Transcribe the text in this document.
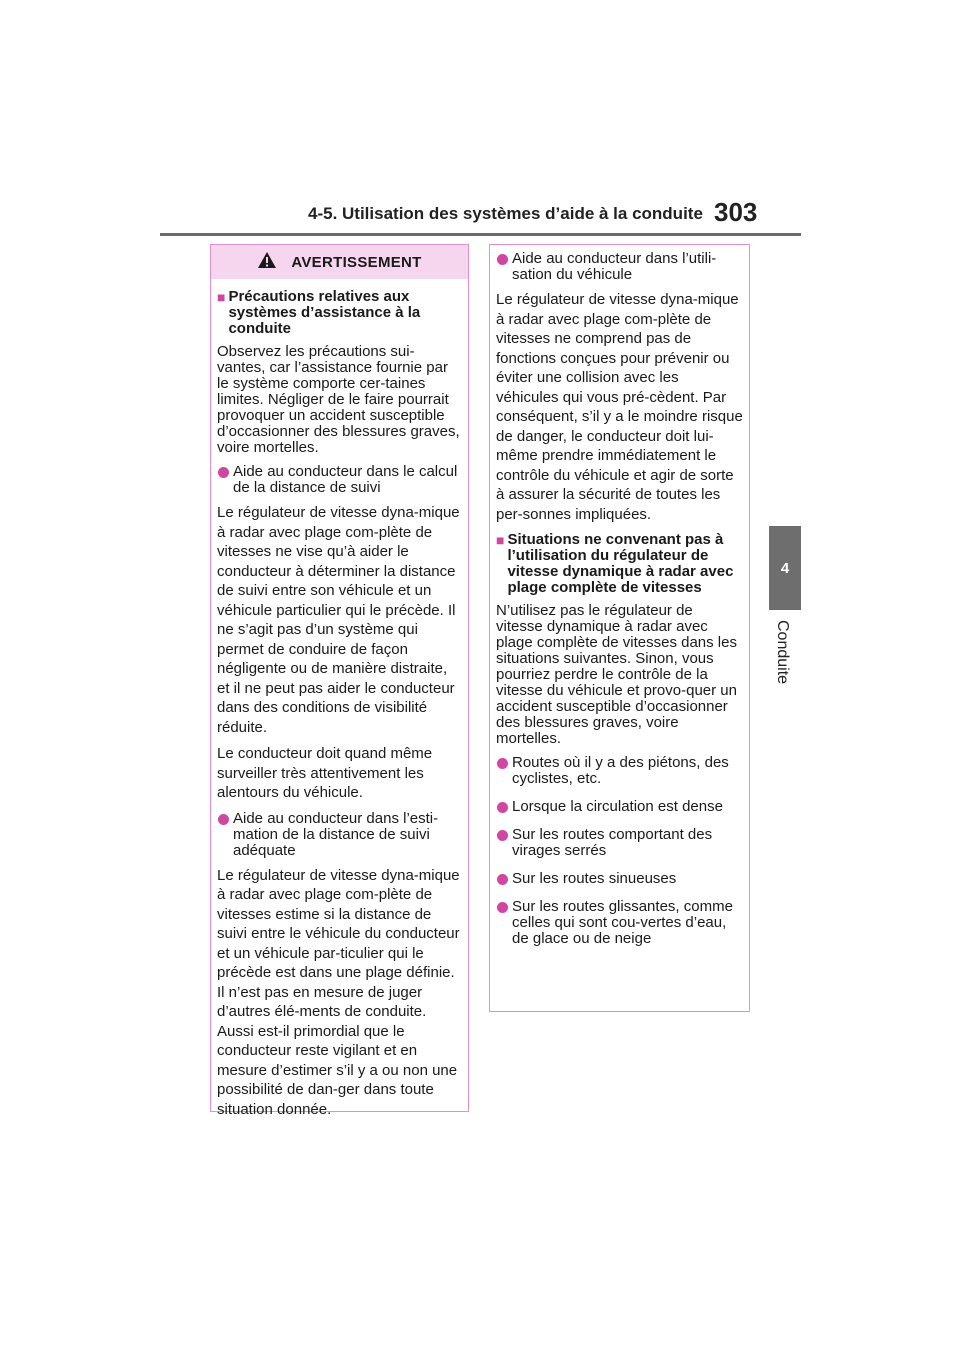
4-5. Utilisation des systèmes d’aide à la conduite 303
4
Conduite
AVERTISSEMENT
■ Précautions relatives aux systèmes d’assistance à la conduite

Observez les précautions sui-vantes, car l’assistance fournie par le système comporte cer-taines limites. Négliger de le faire pourrait provoquer un accident susceptible d’occasionner des blessures graves, voire mortelles.

Aide au conducteur dans le calcul de la distance de suivi

Le régulateur de vitesse dyna-mique à radar avec plage com-plète de vitesses ne vise qu’à aider le conducteur à déterminer la distance de suivi entre son véhicule et un véhicule particulier qui le précède. Il ne s’agit pas d’un système qui permet de conduire de façon négligente ou de manière distraite, et il ne peut pas aider le conducteur dans des conditions de visibilité réduite.

Le conducteur doit quand même surveiller très attentivement les alentours du véhicule.

Aide au conducteur dans l’esti-mation de la distance de suivi adéquate

Le régulateur de vitesse dyna-mique à radar avec plage com-plète de vitesses estime si la distance de suivi entre le véhicule du conducteur et un véhicule par-ticulier qui le précède est dans une plage définie. Il n’est pas en mesure de juger d’autres élé-ments de conduite. Aussi est-il primordial que le conducteur reste vigilant et en mesure d’estimer s’il y a ou non une possibilité de dan-ger dans toute situation donnée.

Aide au conducteur dans l’utili-sation du véhicule

Le régulateur de vitesse dyna-mique à radar avec plage com-plète de vitesses ne comprend pas de fonctions conçues pour prévenir ou éviter une collision avec les véhicules qui vous pré-cèdent. Par conséquent, s’il y a le moindre risque de danger, le conducteur doit lui-même prendre immédiatement le contrôle du véhicule et agir de sorte à assurer la sécurité de toutes les per-sonnes impliquées.

■ Situations ne convenant pas à l’utilisation du régulateur de vitesse dynamique à radar avec plage complète de vitesses

N’utilisez pas le régulateur de vitesse dynamique à radar avec plage complète de vitesses dans les situations suivantes. Sinon, vous pourriez perdre le contrôle de la vitesse du véhicule et provo-quer un accident susceptible d’occasionner des blessures graves, voire mortelles.

Routes où il y a des piétons, des cyclistes, etc.
Lorsque la circulation est dense
Sur les routes comportant des virages serrés
Sur les routes sinueuses
Sur les routes glissantes, comme celles qui sont cou-vertes d’eau, de glace ou de neige
